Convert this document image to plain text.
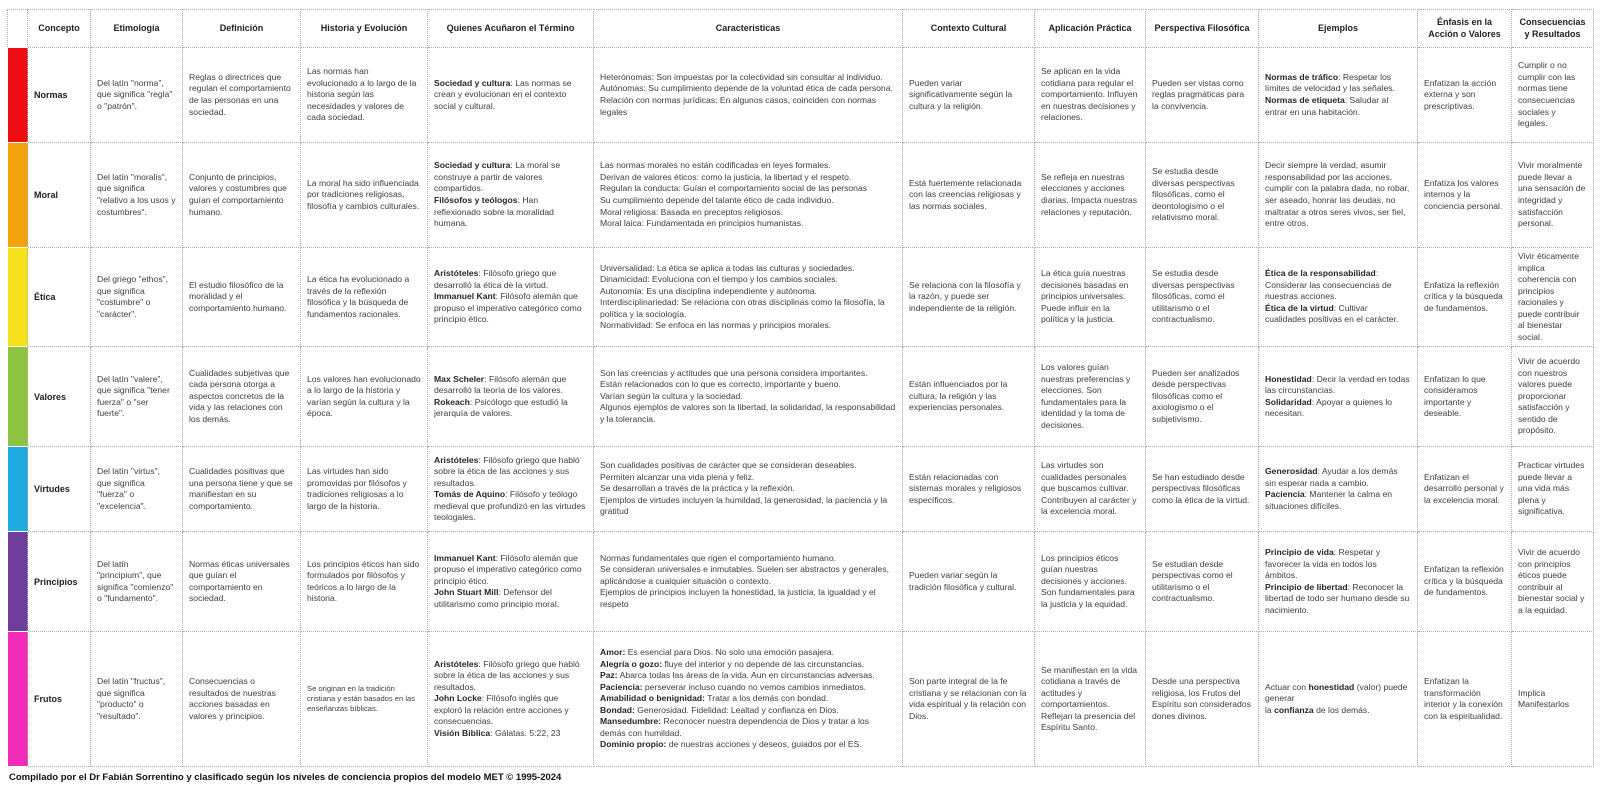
	Concepto	Etimología	Definición	Historia y Evolución	Quienes Acuñaron el Término	Caracteristicas	Contexto Cultural	Aplicación Práctica	Perspectiva Filosófica	Ejemplos	Énfasis en la Acción o Valores	Consecuencias y Resultados
	Normas	Del latín "norma", que significa "regla" o "patrón".	Reglas o directrices que regulan el comportamiento de las personas en una sociedad.	Las normas han evolucionado a lo largo de la historia según las necesidades y valores de cada sociedad.	Sociedad y cultura: Las normas se crean y evolucionan en el contexto social y cultural.	Heterónomas: Son impuestas por la colectividad sin consultar al individuo.
Autónomas: Su cumplimiento depende de la voluntad ética de cada persona.
Relación con normas jurídicas: En algunos casos, coinciden con normas legales	Pueden variar significativamente según la cultura y la religión.	Se aplican en la vida cotidiana para regular el comportamiento. Influyen en nuestras decisiones y relaciones.	Pueden ser vistas como reglas pragmáticas para la convivencia.	Normas de tráfico: Respetar los límites de velocidad y las señales.
Normas de etiqueta: Saludar al entrar en una habitación.	Enfatizan la acción externa y son prescriptivas.	Cumplir o no cumplir con las normas tiene consecuencias sociales y legales.
	Moral	Del latín "moralis", que significa "relativo a los usos y costumbres".	Conjunto de principios, valores y costumbres que guían el comportamiento humano.	La moral ha sido influenciada por tradiciones religiosas, filosofía y cambios culturales.	Sociedad y cultura: La moral se construye a partir de valores compartidos.
Filósofos y teólogos: Han reflexionado sobre la moralidad humana.	Las normas morales no están codificadas en leyes formales.
Derivan de valores éticos: como la justicia, la libertad y el respeto.
Regulan la conducta: Guían el comportamiento social de las personas
Su cumplimiento depende del talante ético de cada individuo.
Moral religiosa: Basada en preceptos religiosos.
Moral laica: Fundamentada en principios humanistas.	Está fuertemente relacionada con las creencias religiosas y las normas sociales.	Se refleja en nuestras elecciones y acciones diarias. Impacta nuestras relaciones y reputación.	Se estudia desde diversas perspectivas filosóficas, como el deontologismo o el relativismo moral.	Decir siempre la verdad, asumir responsabilidad por las acciones, cumplir con la palabra dada, no robar, ser aseado, honrar las deudas, no maltratar a otros seres vivos, ser fiel, entre otros.	Enfatiza los valores internos y la conciencia personal.	Vivir moralmente puede llevar a una sensación de integridad y satisfacción personal.
	Ética	Del griego "ethos", que significa "costumbre" o "carácter".	El estudio filosófico de la moralidad y el comportamiento humano.	La ética ha evolucionado a través de la reflexión filosófica y la búsqueda de fundamentos racionales.	Aristóteles: Filósofo griego que desarrolló la ética de la virtud.
Immanuel Kant: Filósofo alemán que propuso el imperativo categórico como principio ético.	Universalidad: La ética se aplica a todas las culturas y sociedades.
Dinamicidad: Evoluciona con el tiempo y los cambios sociales.
Autonomía: Es una disciplina independiente y autónoma.
Interdisciplinariedad: Se relaciona con otras disciplinas como la filosofía, la política y la sociología.
Normatividad: Se enfoca en las normas y principios morales.	Se relaciona con la filosofía y la razón, y puede ser independiente de la religión.	La ética guía nuestras decisiones basadas en principios universales. Puede influir en la política y la justicia.	Se estudia desde diversas perspectivas filosóficas, como el utilitarismo o el contractualismo.	Ética de la responsabilidad: Considerar las consecuencias de nuestras acciones.
Ética de la virtud: Cultivar cualidades positivas en el carácter.	Enfatiza la reflexión crítica y la búsqueda de fundamentos.	Vivir éticamente implica coherencia con principios racionales y puede contribuir al bienestar social.
	Valores	Del latín "valere", que significa "tener fuerza" o "ser fuerte".	Cualidades subjetivas que cada persona otorga a aspectos concretos de la vida y las relaciones con los demás.	Los valores han evolucionado a lo largo de la historia y varían según la cultura y la época.	Max Scheler: Filósofo alemán que desarrolló la teoría de los valores.
Rokeach: Psicólogo que estudió la jerarquía de valores.	Son las creencias y actitudes que una persona considera importantes.
Están relacionados con lo que es correcto, importante y bueno.
Varían según la cultura y la sociedad.
Algunos ejemplos de valores son la libertad, la solidaridad, la responsabilidad y la tolerancia.	Están influenciados por la cultura, la religión y las experiencias personales.	Los valores guían nuestras preferencias y elecciones. Son fundamentales para la identidad y la toma de decisiones.	Pueden ser analizados desde perspectivas filosóficas como el axiologismo o el subjetivismo.	Honestidad: Decir la verdad en todas las circunstancias.
Solidaridad: Apoyar a quienes lo necesitan.	Enfatizan lo que consideramos importante y deseable.	Vivir de acuerdo con nuestros valores puede proporcionar satisfacción y sentido de propósito.
	Virtudes	Del latín "virtus", que significa "fuerza" o "excelencia".	Cualidades positivas que una persona tiene y que se manifiestan en su comportamiento.	Las virtudes han sido promovidas por filósofos y tradiciones religiosas a lo largo de la historia.	Aristóteles: Filósofo griego que habló sobre la ética de las acciones y sus resultados.
Tomás de Aquino: Filósofo y teólogo medieval que profundizó en las virtudes teologales.	Son cualidades positivas de carácter que se consideran deseables.
Permiten alcanzar una vida plena y feliz.
Se desarrollan a través de la práctica y la reflexión.
Ejemplos de virtudes incluyen la humildad, la generosidad, la paciencia y la gratitud	Están relacionadas con sistemas morales y religiosos específicos.	Las virtudes son cualidades personales que buscamos cultivar. Contribuyen al carácter y la excelencia moral.	Se han estudiado desde perspectivas filosóficas como la ética de la virtud.	Generosidad: Ayudar a los demás sin esperar nada a cambio.
Paciencia: Mantener la calma en situaciones difíciles.	Enfatizan el desarrollo personal y la excelencia moral.	Practicar virtudes puede llevar a una vida más plena y significativa.
	Principios	Del latín "principium", que significa "comienzo" o "fundamento".	Normas éticas universales que guían el comportamiento en sociedad.	Los principios éticos han sido formulados por filósofos y teóricos a lo largo de la historia.	Immanuel Kant: Filósofo alemán que propuso el imperativo categórico como principio ético.
John Stuart Mill: Defensor del utilitarismo como principio moral.	Normas fundamentales que rigen el comportamiento humano.
Se consideran universales e inmutables. Suelen ser abstractos y generales, aplicándose a cualquier situación o contexto.
Ejemplos de principios incluyen la honestidad, la justicia, la igualdad y el respeto	Pueden variar según la tradición filosófica y cultural.	Los principios éticos guían nuestras decisiones y acciones. Son fundamentales para la justicia y la equidad.	Se estudian desde perspectivas como el utilitarismo o el contractualismo.	Principio de vida: Respetar y favorecer la vida en todos los ámbitos.
Principio de libertad: Reconocer la libertad de todo ser humano desde su nacimiento.	Enfatizan la reflexión crítica y la búsqueda de fundamentos.	Vivir de acuerdo con principios éticos puede contribuir al bienestar social y a la equidad.
	Frutos	Del latín "fructus", que significa "producto" o "resultado".	Consecuencias o resultados de nuestras acciones basadas en valores y principios.	Se originan en la tradición cristiana y están basados en las enseñanzas bíblicas.	Aristóteles: Filósofo griego que habló sobre la ética de las acciones y sus resultados.
John Locke: Filósofo inglés que exploró la relación entre acciones y consecuencias.
Visión Biblica: Gálatas. 5:22, 23	Amor: Es esencial para Dios. No solo una emoción pasajera.
Alegría o gozo: fluye del interior y no depende de las circunstancias.
Paz: Abarca todas las áreas de la vida. Aun en circunstancias adversas.
Paciencia: perseverar incluso cuando no vemos cambios inmediatos.
Amabilidad o benignidad: Tratar a los demás con bondad.
Bondad: Generosidad. Fidelidad: Lealtad y confianza en Dios.
Mansedumbre: Reconocer nuestra dependencia de Dios y tratar a los demás con humildad.
Dominio propio: de nuestras acciones y deseos, guiados por el ES.	Son parte integral de la fe cristiana y se relacionan con la vida espiritual y la relación con Dios.	Se manifiestan en la vida cotidiana a través de actitudes y comportamientos. Reflejan la presencia del Espíritu Santo.	Desde una perspectiva religiosa, los Frutos del Espíritu son considerados dones divinos.	Actuar con honestidad (valor) puede generar
la confianza de los demás.	Enfatizan la transformación interior y la conexión con la espiritualidad.	Implica
Manifestarlos
Compilado por el Dr Fabián Sorrentino y clasificado según los niveles de conciencia propios del modelo MET © 1995-2024
